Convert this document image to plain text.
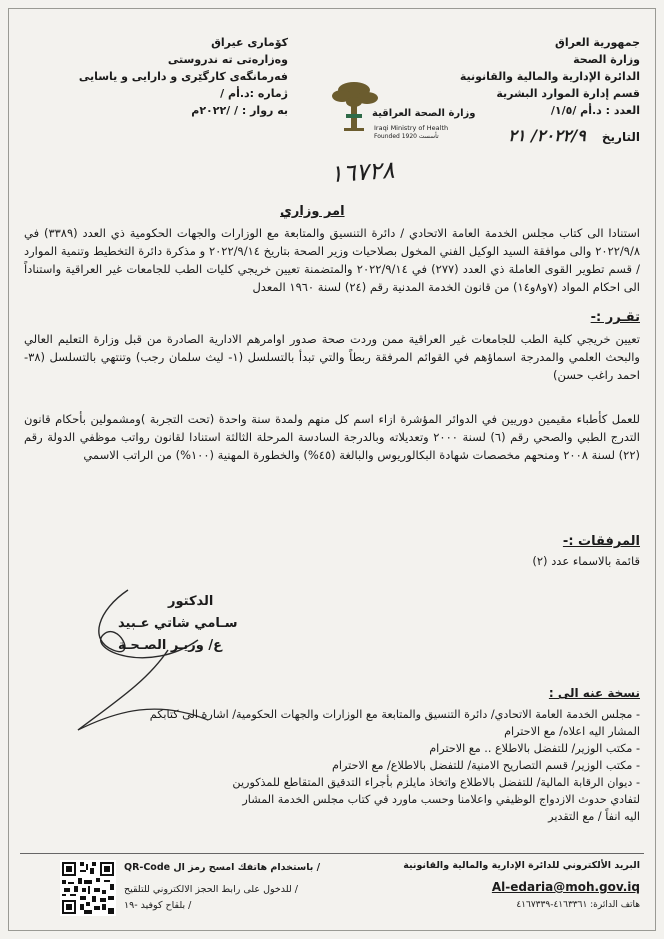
جمهورية العراق
وزارة الصحة
الدائرة الإدارية والمالية والقانونية
قسم إدارة الموارد البشرية
العدد : د.أم /١/٥/
التاريخ ٢٠٢٢/٩/ ٢١
كۆماری عیراق
وەزارەتی تە ندروستی
فەرمانگەی كارگێری و دارایی و یاسایی
ژمارە :د.أم /
بە روار : / /٢٠٢٢م	وزارة الصحة العراقية
Iraqi Ministry of Health
Founded 1920 تأسست
١٦٧٢٨
امر وزاري

استنادا الى كتاب مجلس الخدمة العامة الاتحادي / دائرة التنسيق والمتابعة مع الوزارات والجهات الحكومية ذي العدد (٣٣٨٩) في ٢٠٢٢/٩/٨ والى موافقة السيد الوكيل الفني المخول بصلاحيات وزير الصحة بتاريخ ٢٠٢٢/٩/١٤ و مذكرة دائرة التخطيط وتنمية الموارد / قسم تطوير القوى العاملة ذي العدد (٢٧٧) في ٢٠٢٢/٩/١٤ والمتضمنة تعيين خريجي كليات الطب للجامعات غير العراقية واستناداً الى احكام المواد (٧و٨و١٤) من قانون الخدمة المدنية رقم (٢٤) لسنة ١٩٦٠ المعدل

تقـرر :-

تعيين خريجي كلية الطب للجامعات غير العراقية ممن وردت صحة صدور اوامرهم الادارية الصادرة من قبل وزارة التعليم العالي والبحث العلمي والمدرجة اسماؤهم في القوائم المرفقة ربطاً والتي تبدأ بالتسلسل (١- ليث سلمان رجب) وتنتهي بالتسلسل (٣٨- احمد راغب حسن)

للعمل كأطباء مقيمين دوريين في الدوائر المؤشرة ازاء اسم كل منهم ولمدة سنة واحدة (تحت التجربة )ومشمولين بأحكام قانون التدرج الطبي والصحي رقم (٦) لسنة ٢٠٠٠ وتعديلاته وبالدرجة السادسة المرحلة الثالثة استنادا لقانون رواتب موظفي الدولة رقم (٢٢) لسنة ٢٠٠٨ ومنحهم مخصصات شهادة البكالوريوس والبالغة (٤٥%) والخطورة المهنية (١٠٠%) من الراتب الاسمي

المرفقات :-
قائمة بالاسماء عدد (٢)
الدكتور
سـامي شاتي عـبيد
ع/ وزيـر الصـحـة
نسخة عنه الى :
- مجلس الخدمة العامة الاتحادي/ دائرة التنسيق والمتابعة مع الوزارات والجهات الحكومية/ اشارة الى كتابكم
المشار اليه اعلاه/ مع الاحترام
- مكتب الوزير/ للتفضل بالاطلاع .. مع الاحترام
- مكتب الوزير/ قسم التصاريح الامنية/ للتفضل بالاطلاع/ مع الاحترام
- ديوان الرقابة المالية/ للتفضل بالاطلاع واتخاذ مايلزم بأجراء التدقيق المتقاطع للمذكورين
لتفادي حدوث الازدواج الوظيفي واعلامنا وحسب ماورد في كتاب مجلس الخدمة المشار
اليه انفاً / مع التقدير
البريد الألكتروني للدائرة الإدارية والمالية والقانونية
Al-edaria@moh.gov.iq
هاتف الدائرة: ٤١٦٣٣٦١-٤١٦٧٣٣٩
/ باستخدام هاتفك امسح رمز ال QR-Code
/ للدخول على رابط الحجز الالكتروني للتلقيح
/ بلقاح كوفيد -١٩
